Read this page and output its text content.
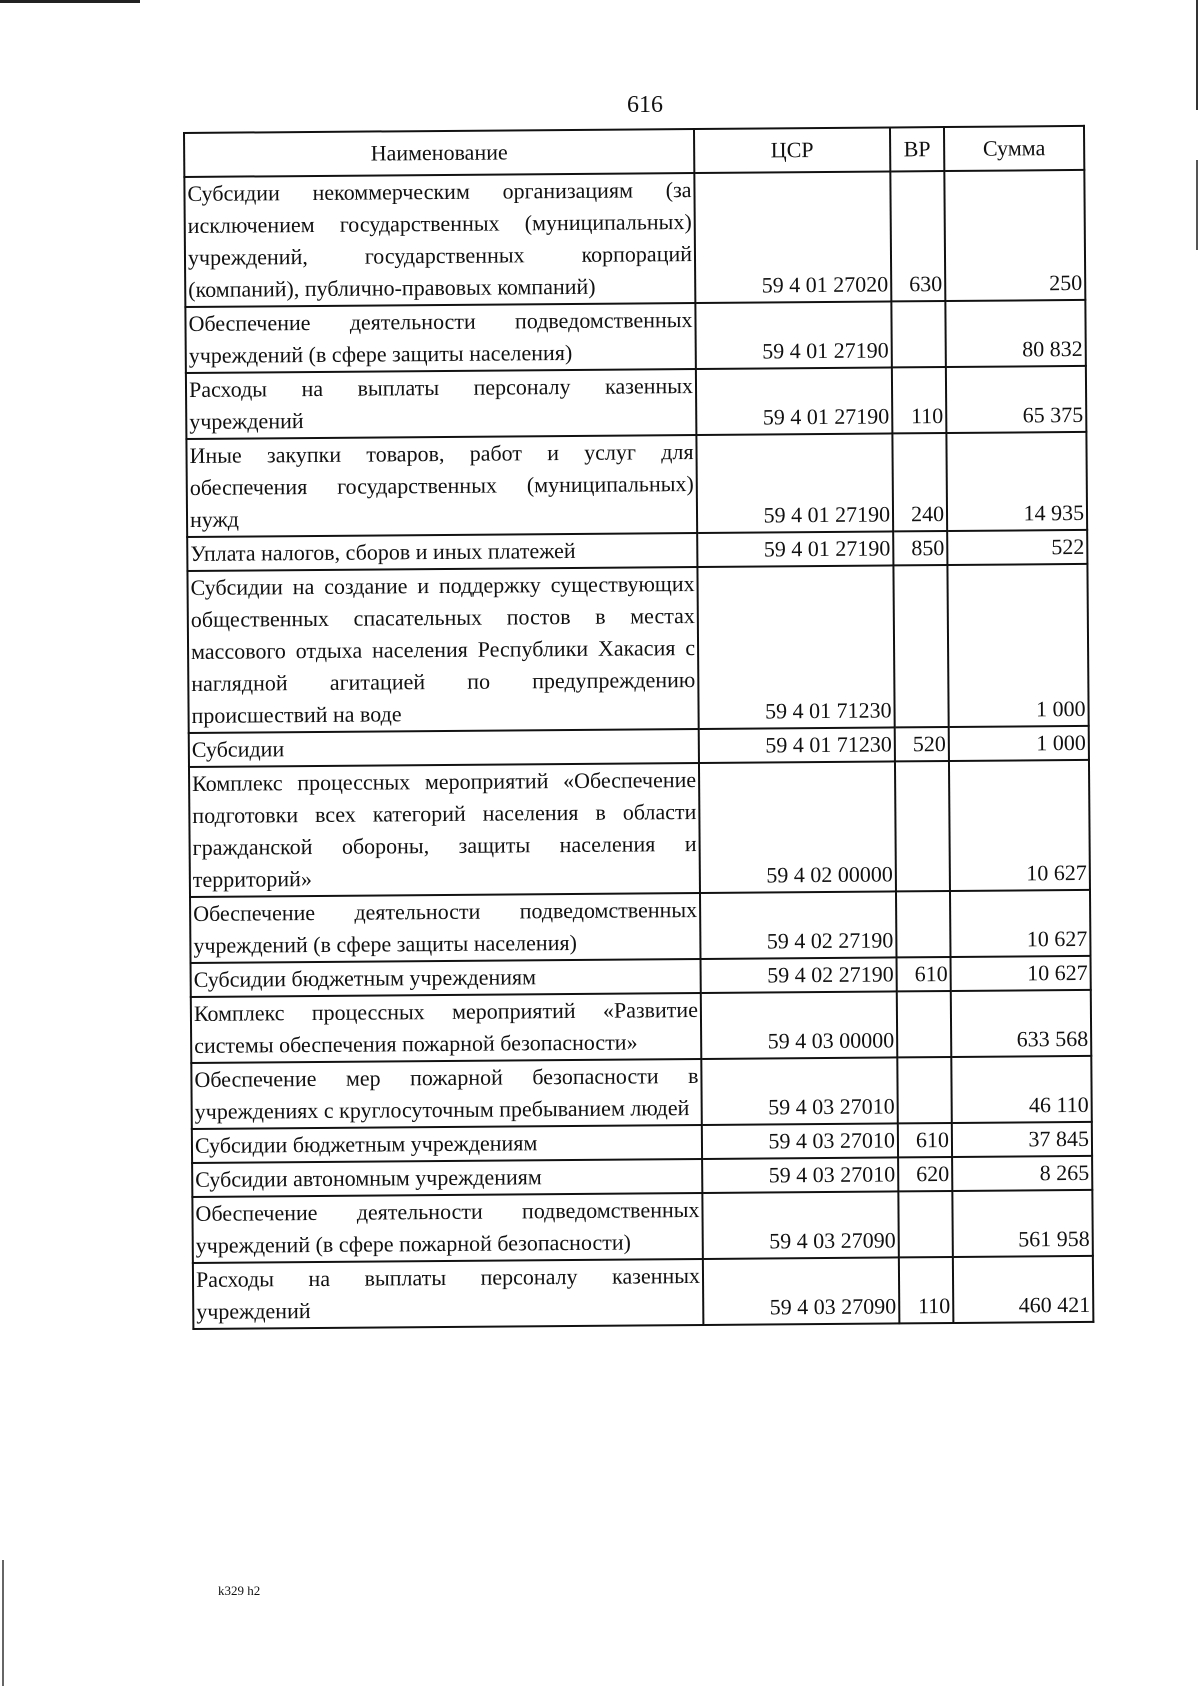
616
Наименование	ЦСР	ВР	Сумма
Субсидии некоммерческим организациям (за исключением государственных (муниципальных) учреждений, государственных корпораций (компаний), публично-правовых компаний)	59 4 01 27020	630	250
Обеспечение деятельности подведомственных учреждений (в сфере защиты населения)	59 4 01 27190		80 832
Расходы на выплаты персоналу казенных учреждений	59 4 01 27190	110	65 375
Иные закупки товаров, работ и услуг для обеспечения государственных (муниципальных) нужд	59 4 01 27190	240	14 935
Уплата налогов, сборов и иных платежей	59 4 01 27190	850	522
Субсидии на создание и поддержку существующих общественных спасательных постов в местах массового отдыха населения Республики Хакасия с наглядной агитацией по предупреждению происшествий на воде	59 4 01 71230		1 000
Субсидии	59 4 01 71230	520	1 000
Комплекс процессных мероприятий «Обеспечение подготовки всех категорий населения в области гражданской обороны, защиты населения и территорий»	59 4 02 00000		10 627
Обеспечение деятельности подведомственных учреждений (в сфере защиты населения)	59 4 02 27190		10 627
Субсидии бюджетным учреждениям	59 4 02 27190	610	10 627
Комплекс процессных мероприятий «Развитие системы обеспечения пожарной безопасности»	59 4 03 00000		633 568
Обеспечение мер пожарной безопасности в учреждениях с круглосуточным пребыванием людей	59 4 03 27010		46 110
Субсидии бюджетным учреждениям	59 4 03 27010	610	37 845
Субсидии автономным учреждениям	59 4 03 27010	620	8 265
Обеспечение деятельности подведомственных учреждений (в сфере пожарной безопасности)	59 4 03 27090		561 958
Расходы на выплаты персоналу казенных учреждений	59 4 03 27090	110	460 421
k329 h2
